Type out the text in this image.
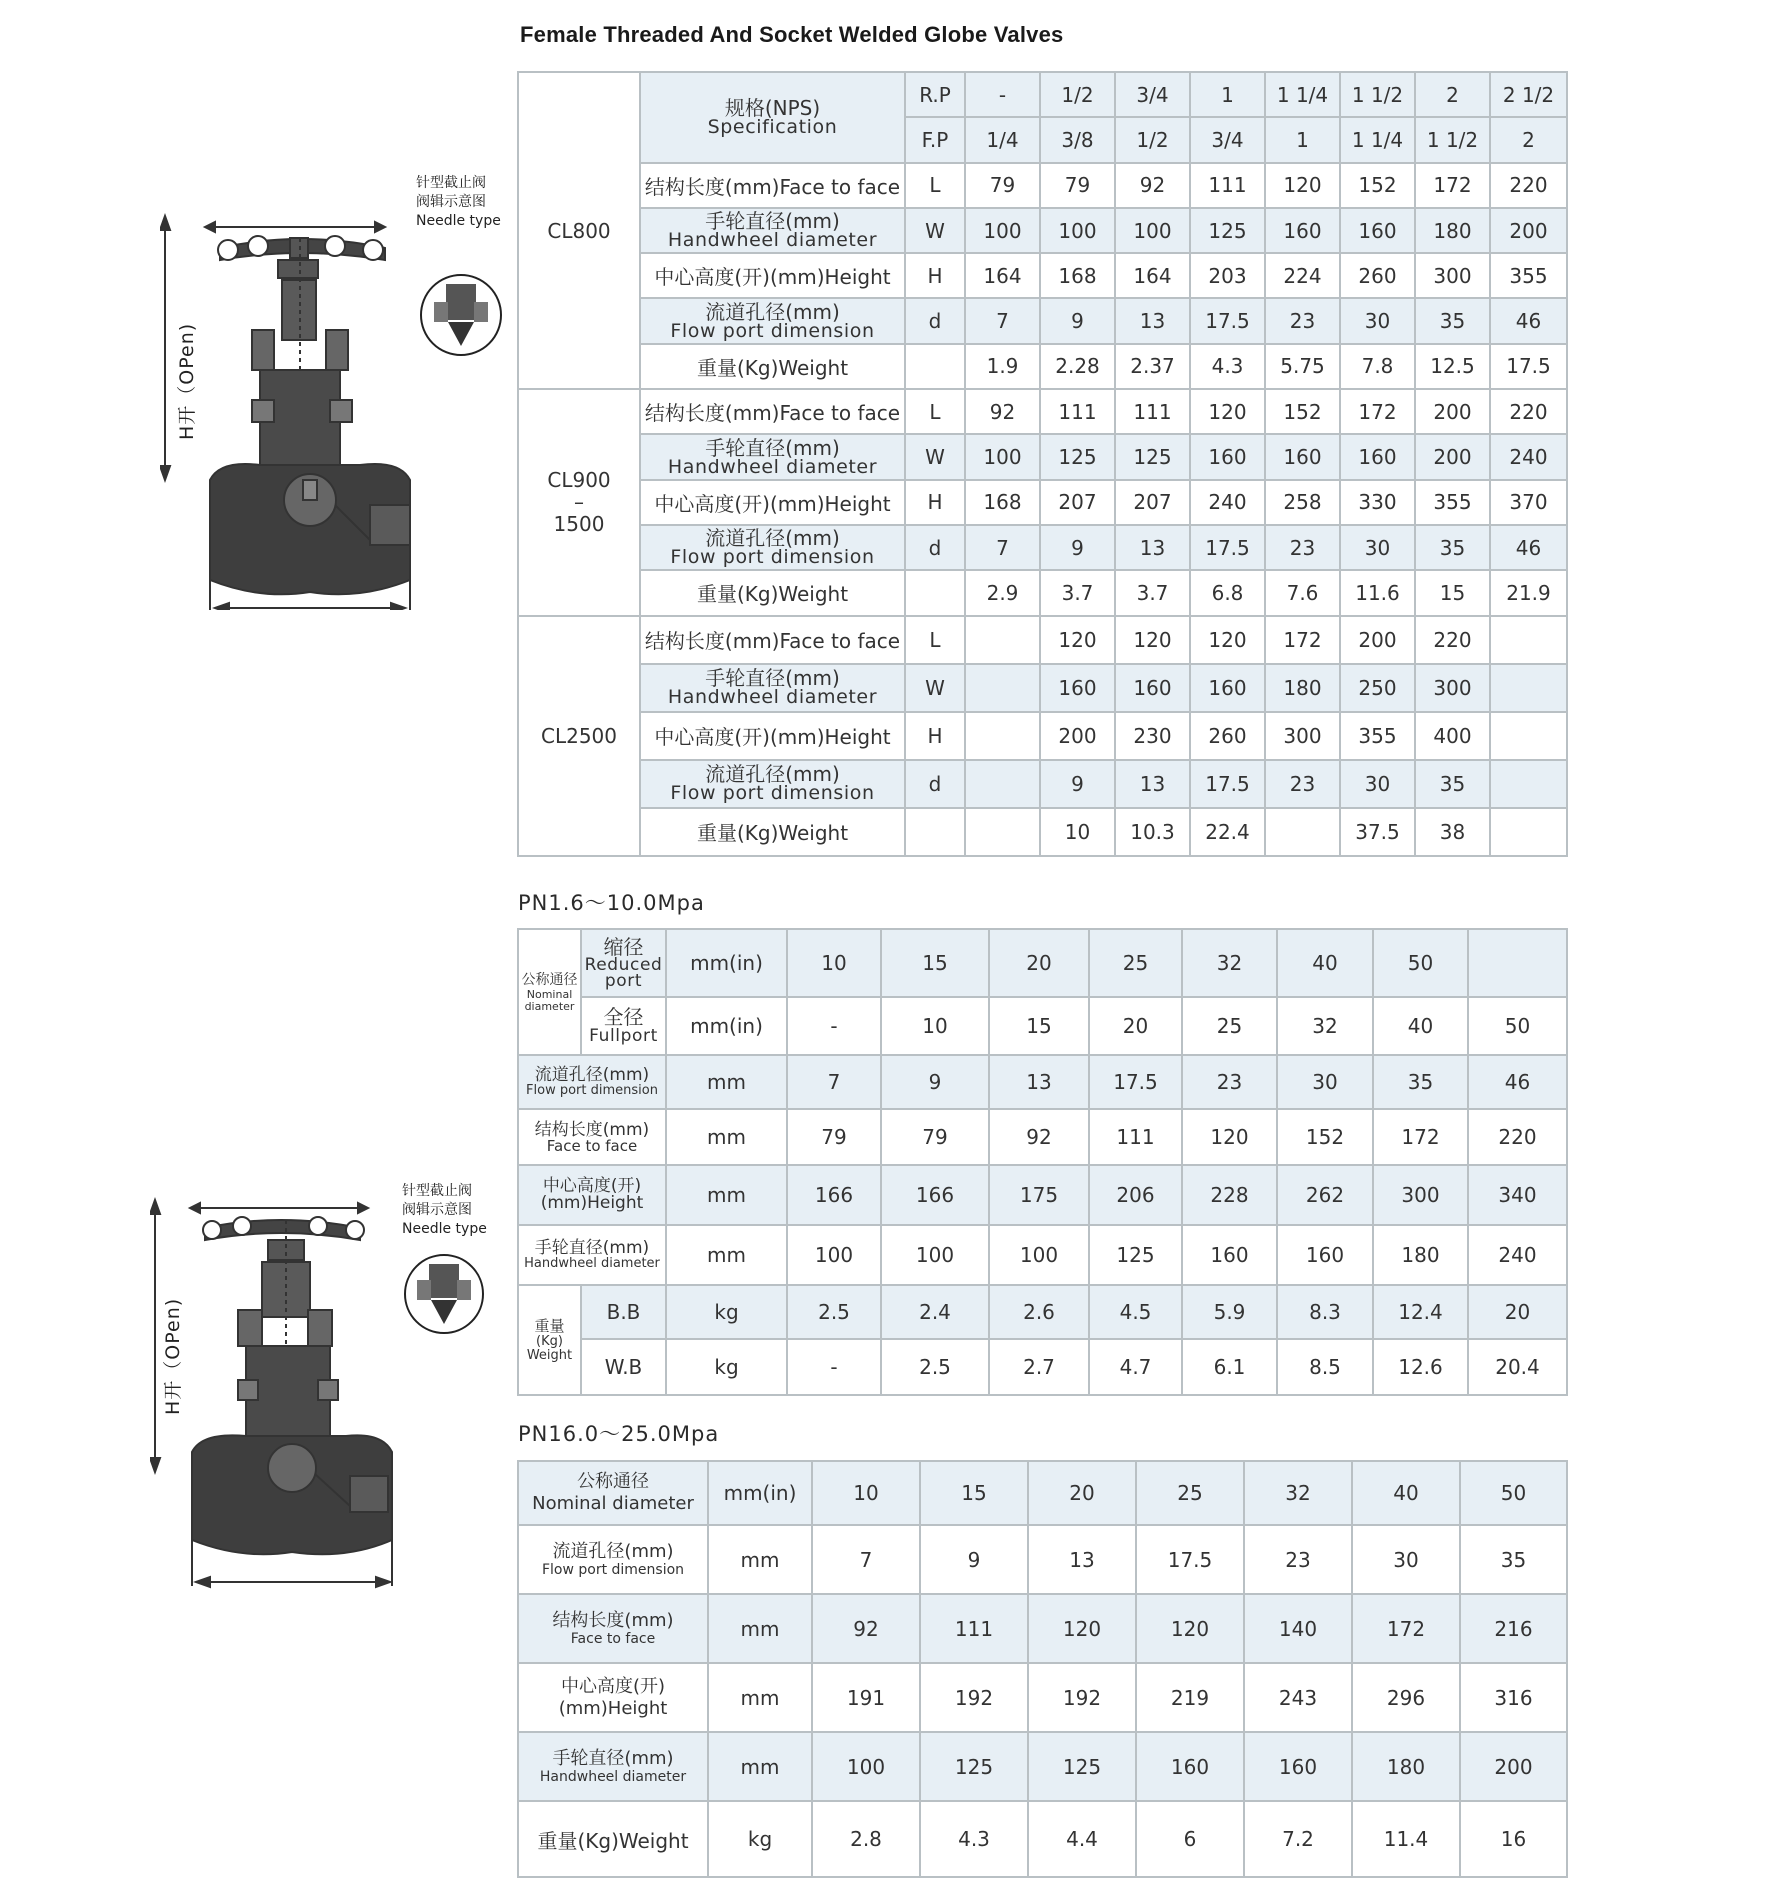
Female Threaded And Socket Welded Globe Valves
H开（OPen)
针型截止阀
阀辑示意图
Needle type
H开（OPen)
针型截止阀
阀辑示意图
Needle type
CL800	规格(NPS)
Specification	R.P	-	1/2	3/4	1	1 1/4	1 1/2	2	2 1/2
		F.P	1/4	3/8	1/2	3/4	1	1 1/4	1 1/2	2
	结构长度(mm)Face to face	L	79	79	92	111	120	152	172	220

	手轮直径(mm)
Handwheel diameter	W	100	100	100	125	160	160	180	200
	中心高度(开)(mm)Height	H	164	168	164	203	224	260	300	355

	流道孔径(mm)
Flow port dimension	d	7	9	13	17.5	23	30	35	46
	重量(Kg)Weight		1.9	2.28	2.37	4.3	5.75	7.8	12.5	17.5

CL900
–
1500	结构长度(mm)Face to face	L	92	111	111	120	152	172	200	220

	手轮直径(mm)
Handwheel diameter	W	100	125	125	160	160	160	200	240
	中心高度(开)(mm)Height	H	168	207	207	240	258	330	355	370

	流道孔径(mm)
Flow port dimension	d	7	9	13	17.5	23	30	35	46
	重量(Kg)Weight		2.9	3.7	3.7	6.8	7.6	11.6	15	21.9
CL2500	结构长度(mm)Face to face	L		120	120	120	172	200	220	

	手轮直径(mm)
Handwheel diameter	W		160	160	160	180	250	300	
	中心高度(开)(mm)Height	H		200	230	260	300	355	400	

	流道孔径(mm)
Flow port dimension	d		9	13	17.5	23	30	35	
	重量(Kg)Weight			10	10.3	22.4		37.5	38	
PN1.6～10.0Mpa
公称通径
Nominal
diameter	缩径
Reduced
port	mm(in)	10	15	20	25	32	40	50	

	全径
Fullport	mm(in)	-	10	15	20	25	32	40	50

流道孔径(mm)
Flow port dimension		mm	7	9	13	17.5	23	30	35	46

结构长度(mm)
Face to face		mm	79	79	92	111	120	152	172	220

中心高度(开)
(mm)Height		mm	166	166	175	206	228	262	300	340

手轮直径(mm)
Handwheel diameter		mm	100	100	100	125	160	160	180	240

重量
(Kg)
Weight	B.B	kg	2.5	2.4	2.6	4.5	5.9	8.3	12.4	20
	W.B	kg	-	2.5	2.7	4.7	6.1	8.5	12.6	20.4
PN16.0～25.0Mpa
公称通径
Nominal diameter	mm(in)	10	15	20	25	32	40	50

流道孔径(mm)
Flow port dimension	mm	7	9	13	17.5	23	30	35

结构长度(mm)
Face to face	mm	92	111	120	120	140	172	216

中心高度(开)
(mm)Height	mm	191	192	192	219	243	296	316

手轮直径(mm)
Handwheel diameter	mm	100	125	125	160	160	180	200
重量(Kg)Weight	kg	2.8	4.3	4.4	6	7.2	11.4	16
